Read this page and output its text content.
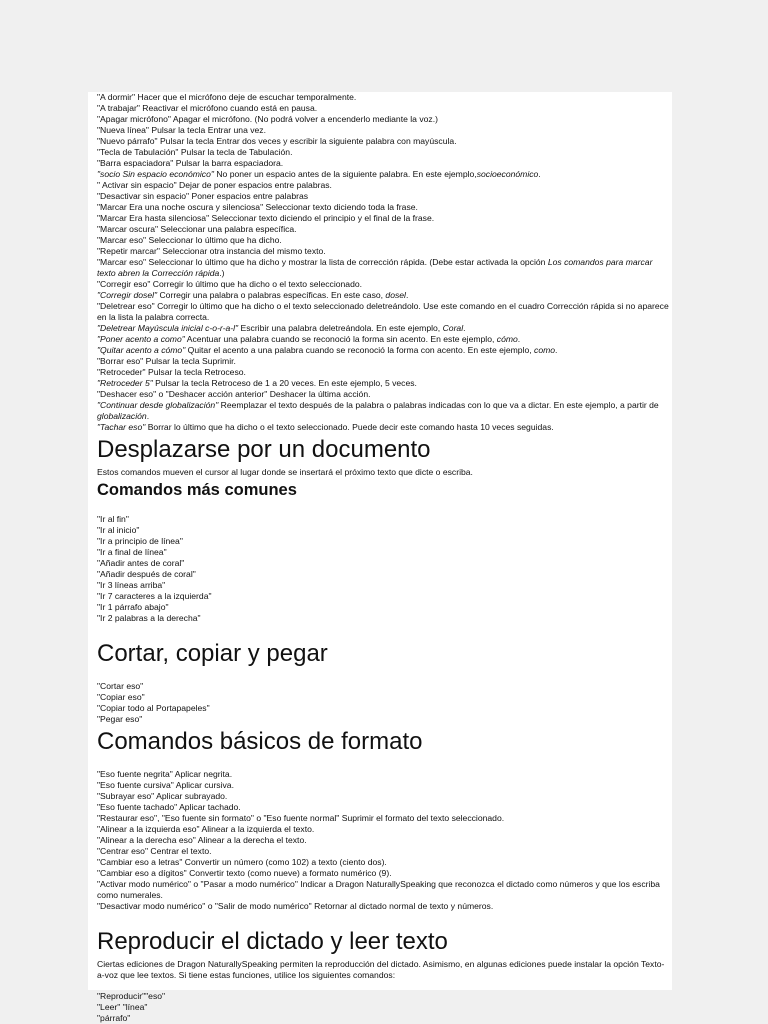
"A dormir" Hacer que el micrófono deje de escuchar temporalmente.
"A trabajar" Reactivar el micrófono cuando está en pausa.
"Apagar micrófono" Apagar el micrófono. (No podrá volver a encenderlo mediante la voz.)
"Nueva línea" Pulsar la tecla Entrar una vez.
"Nuevo párrafo" Pulsar la tecla Entrar dos veces y escribir la siguiente palabra con mayúscula.
"Tecla de Tabulación" Pulsar la tecla de Tabulación.
"Barra espaciadora" Pulsar la barra espaciadora.
"socio Sin espacio económico" No poner un espacio antes de la siguiente palabra. En este ejemplo,socioeconómico.
" Activar sin espacio" Dejar de poner espacios entre palabras.
"Desactivar sin espacio" Poner espacios entre palabras
"Marcar Era una noche oscura y silenciosa" Seleccionar texto diciendo toda la frase.
"Marcar Era hasta silenciosa" Seleccionar texto diciendo el principio y el final de la frase.
"Marcar oscura" Seleccionar una palabra específica.
"Marcar eso" Seleccionar lo último que ha dicho.
"Repetir marcar" Seleccionar otra instancia del mismo texto.
"Marcar eso" Seleccionar lo último que ha dicho y mostrar la lista de corrección rápida. (Debe estar activada la opción Los comandos para marcar texto abren la Corrección rápida.)
"Corregir eso" Corregir lo último que ha dicho o el texto seleccionado.
"Corregir dosel" Corregir una palabra o palabras específicas. En este caso, dosel.
"Deletrear eso" Corregir lo último que ha dicho o el texto seleccionado deletreándolo. Use este comando en el cuadro Corrección rápida si no aparece en la lista la palabra correcta.
"Deletrear Mayúscula inicial c-o-r-a-l" Escribir una palabra deletreándola. En este ejemplo, Coral.
"Poner acento a como" Acentuar una palabra cuando se reconoció la forma sin acento. En este ejemplo, cómo.
"Quitar acento a cómo" Quitar el acento a una palabra cuando se reconoció la forma con acento. En este ejemplo, como.
"Borrar eso" Pulsar la tecla Suprimir.
"Retroceder" Pulsar la tecla Retroceso.
"Retroceder 5" Pulsar la tecla Retroceso de 1 a 20 veces. En este ejemplo, 5 veces.
"Deshacer eso" o "Deshacer acción anterior" Deshacer la última acción.
"Continuar desde globalización" Reemplazar el texto después de la palabra o palabras indicadas con lo que va a dictar. En este ejemplo, a partir de globalización.
"Tachar eso" Borrar lo último que ha dicho o el texto seleccionado. Puede decir este comando hasta 10 veces seguidas.
Desplazarse por un documento
Estos comandos mueven el cursor al lugar donde se insertará el próximo texto que dicte o escriba.
Comandos más comunes
"Ir al fin"
"Ir al inicio"
"Ir a principio de línea"
"Ir a final de línea"
"Añadir antes de coral"
"Añadir después de coral"
"Ir 3 líneas arriba"
"Ir 7 caracteres a la izquierda"
"Ir 1 párrafo abajo"
"Ir 2 palabras a la derecha"
Cortar, copiar y pegar
"Cortar eso"
"Copiar eso"
"Copiar todo al Portapapeles"
"Pegar eso"
Comandos básicos de formato
"Eso fuente negrita" Aplicar negrita.
"Eso fuente cursiva" Aplicar cursiva.
"Subrayar eso" Aplicar subrayado.
"Eso fuente tachado" Aplicar tachado.
"Restaurar eso", "Eso fuente sin formato" o "Eso fuente normal" Suprimir el formato del texto seleccionado.
"Alinear a la izquierda eso" Alinear a la izquierda el texto.
"Alinear a la derecha eso" Alinear a la derecha el texto.
"Centrar eso" Centrar el texto.
"Cambiar eso a letras" Convertir un número (como 102) a texto (ciento dos).
"Cambiar eso a dígitos" Convertir texto (como nueve) a formato numérico (9).
"Activar modo numérico" o "Pasar a modo numérico" Indicar a Dragon NaturallySpeaking que reconozca el dictado como números y que los escriba como numerales.
"Desactivar modo numérico" o "Salir de modo numérico" Retornar al dictado normal de texto y números.
Reproducir el dictado y leer texto
Ciertas ediciones de Dragon NaturallySpeaking permiten la reproducción del dictado. Asimismo, en algunas ediciones puede instalar la opción Texto-a-voz que lee textos. Si tiene estas funciones, utilice los siguientes comandos:
"Reproducir""eso"
"Leer" "línea"
"párrafo"
